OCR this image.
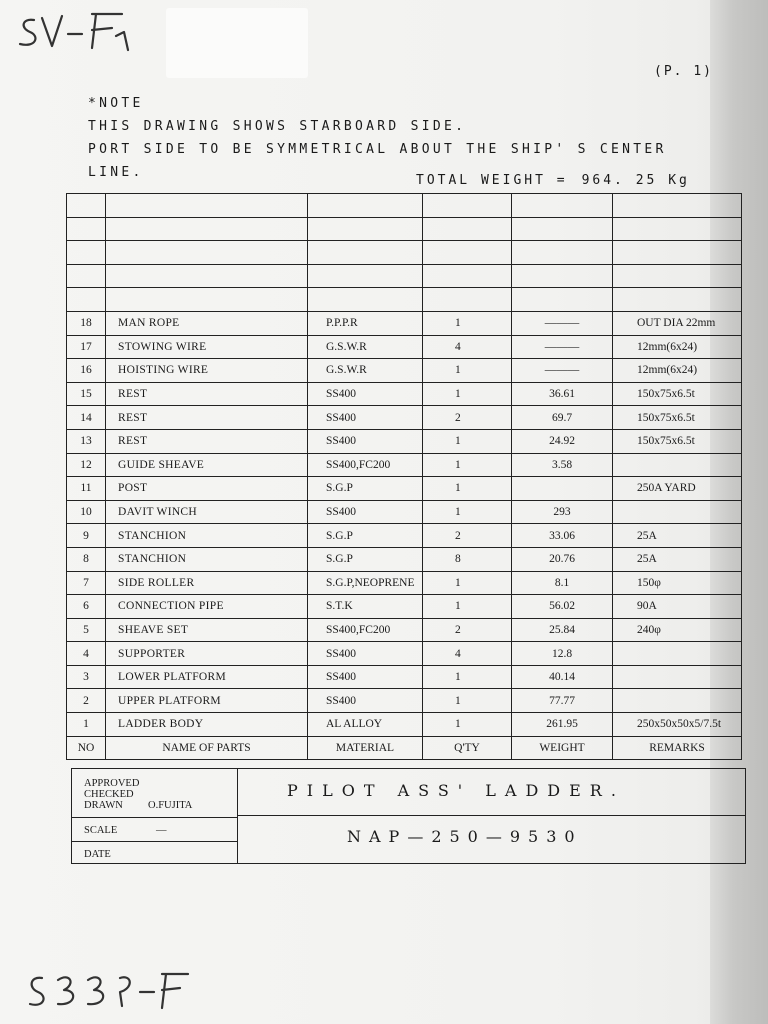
(P. 1)
*NOTE
THIS DRAWING SHOWS STARBOARD SIDE.
PORT SIDE TO BE SYMMETRICAL ABOUT THE SHIP' S CENTER
LINE.
TOTAL WEIGHT = 964. 25 Kg

18	MAN ROPE	P.P.P.R	1	———	OUT DIA 22mm
17	STOWING WIRE	G.S.W.R	4	———	12mm(6x24)
16	HOISTING WIRE	G.S.W.R	1	———	12mm(6x24)
15	REST	SS400	1	36.61	150x75x6.5t
14	REST	SS400	2	69.7	150x75x6.5t
13	REST	SS400	1	24.92	150x75x6.5t
12	GUIDE SHEAVE	SS400,FC200	1	3.58	
11	POST	S.G.P	1		250A YARD
10	DAVIT WINCH	SS400	1	293	
9	STANCHION	S.G.P	2	33.06	25A
8	STANCHION	S.G.P	8	20.76	25A
7	SIDE ROLLER	S.G.P,NEOPRENE	1	8.1	150φ
6	CONNECTION PIPE	S.T.K	1	56.02	90A
5	SHEAVE SET	SS400,FC200	2	25.84	240φ
4	SUPPORTER	SS400	4	12.8	
3	LOWER PLATFORM	SS400	1	40.14	
2	UPPER PLATFORM	SS400	1	77.77	
1	LADDER BODY	AL ALLOY	1	261.95	250x50x50x5/7.5t
NO	NAME OF PARTS	MATERIAL	Q'TY	WEIGHT	REMARKS
APPROVED
CHECKED
DRAWN O.FUJITA
SCALE	—
DATE
PILOT ASS' LADDER.
NAP—250—9530
